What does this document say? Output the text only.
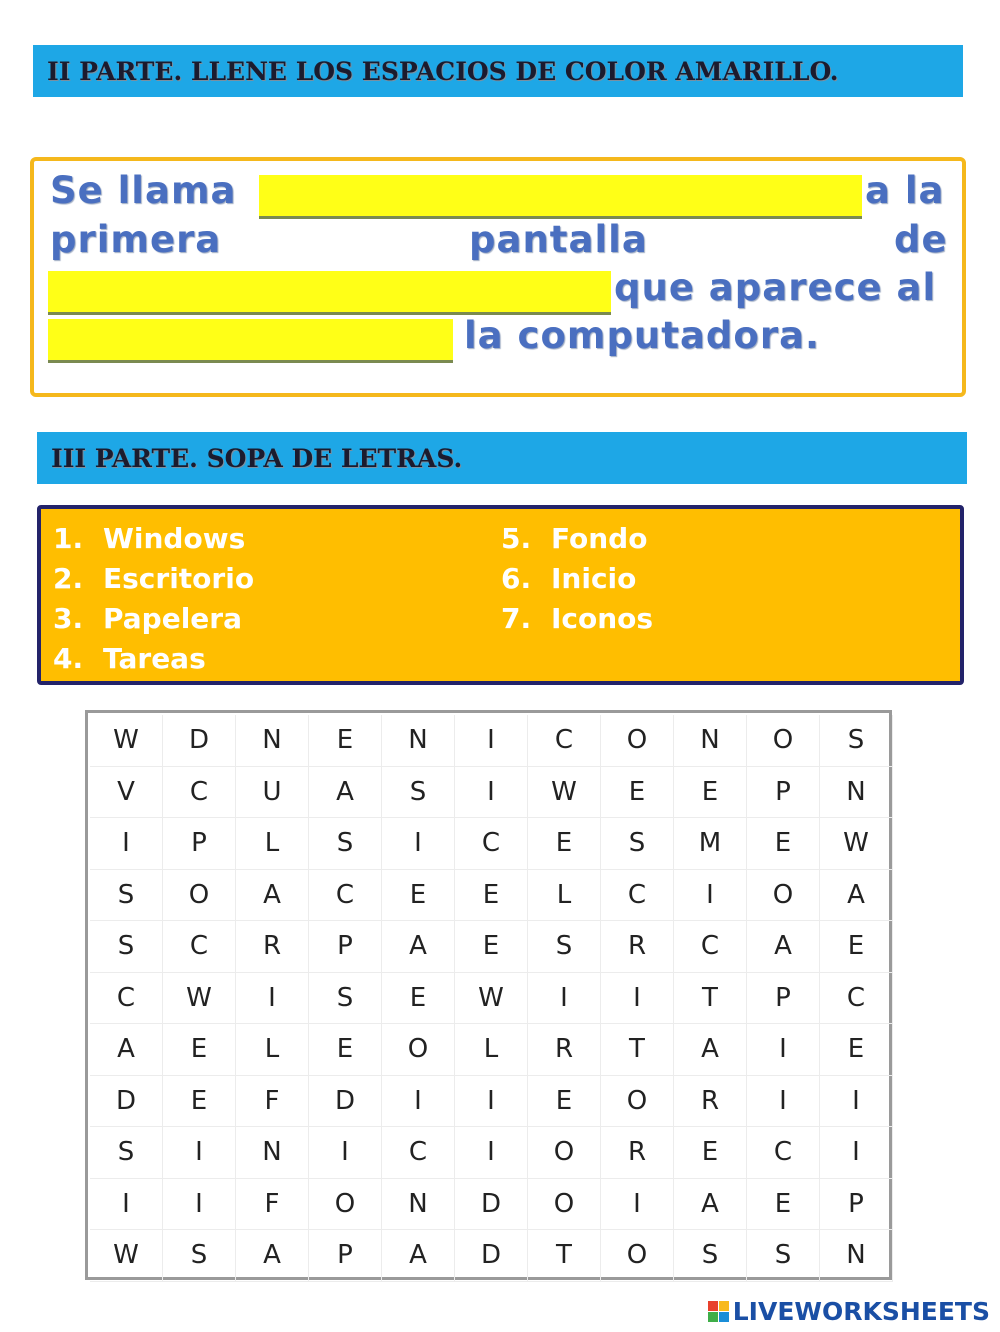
II PARTE. LLENE LOS ESPACIOS DE COLOR AMARILLO.
Se llama	a la
primera	pantalla	de
que aparece al
la computadora.
III PARTE. SOPA DE LETRAS.
1. Windows
2. Escritorio
3. Papelera
4. Tareas
5. Fondo
6. Inicio
7. Iconos
W	D	N	E	N	I	C	O	N	O	S
V	C	U	A	S	I	W	E	E	P	N
I	P	L	S	I	C	E	S	M	E	W
S	O	A	C	E	E	L	C	I	O	A
S	C	R	P	A	E	S	R	C	A	E
C	W	I	S	E	W	I	I	T	P	C
A	E	L	E	O	L	R	T	A	I	E
D	E	F	D	I	I	E	O	R	I	I
S	I	N	I	C	I	O	R	E	C	I
I	I	F	O	N	D	O	I	A	E	P
W	S	A	P	A	D	T	O	S	S	N
LIVEWORKSHEETS
